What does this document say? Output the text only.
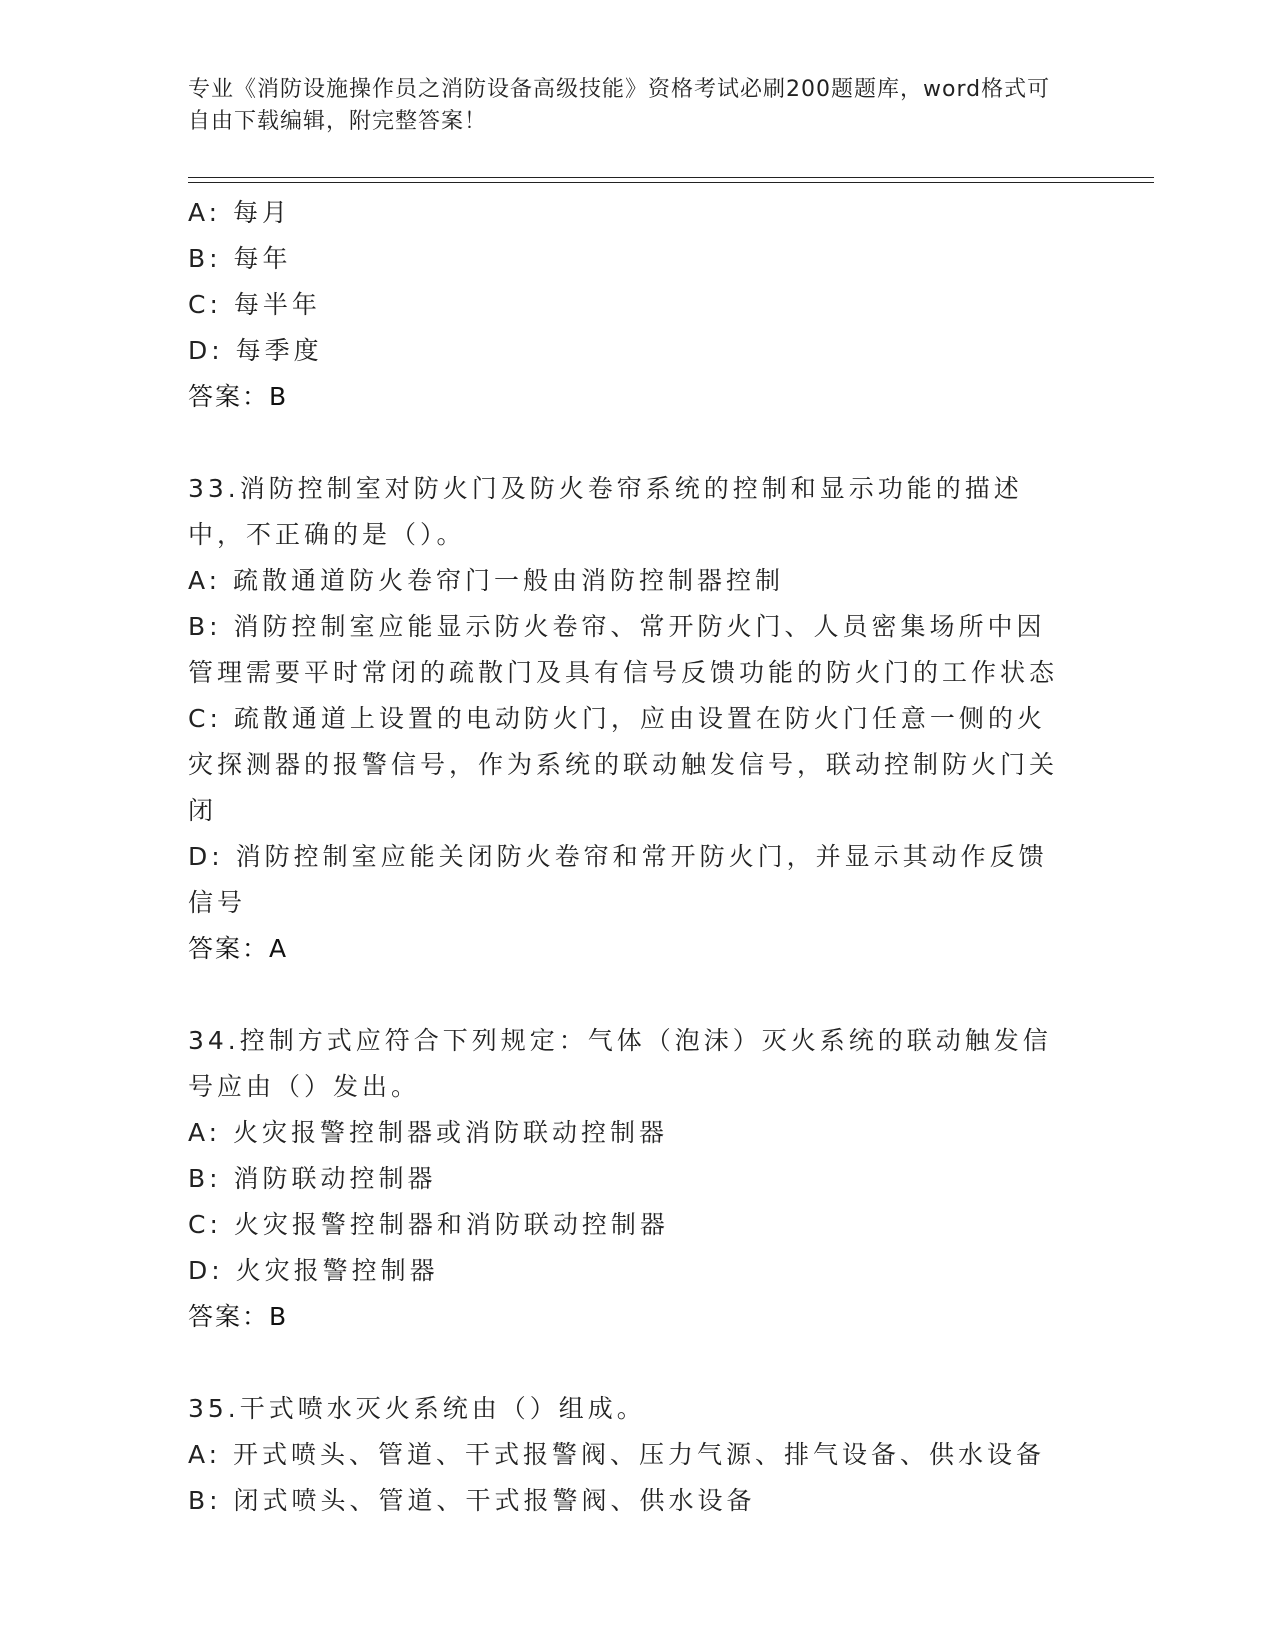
专业《消防设施操作员之消防设备高级技能》资格考试必刷200题题库，word格式可自由下载编辑，附完整答案！
A: 每月
B: 每年
C: 每半年
D: 每季度
答案：B
33.消防控制室对防火门及防火卷帘系统的控制和显示功能的描述中，不正确的是（）。
A: 疏散通道防火卷帘门一般由消防控制器控制
B: 消防控制室应能显示防火卷帘、常开防火门、人员密集场所中因管理需要平时常闭的疏散门及具有信号反馈功能的防火门的工作状态
C: 疏散通道上设置的电动防火门，应由设置在防火门任意一侧的火灾探测器的报警信号，作为系统的联动触发信号，联动控制防火门关闭
D: 消防控制室应能关闭防火卷帘和常开防火门，并显示其动作反馈信号
答案：A
34.控制方式应符合下列规定：气体（泡沫）灭火系统的联动触发信号应由（）发出。
A: 火灾报警控制器或消防联动控制器
B: 消防联动控制器
C: 火灾报警控制器和消防联动控制器
D: 火灾报警控制器
答案：B
35.干式喷水灭火系统由（）组成。
A: 开式喷头、管道、干式报警阀、压力气源、排气设备、供水设备
B: 闭式喷头、管道、干式报警阀、供水设备
